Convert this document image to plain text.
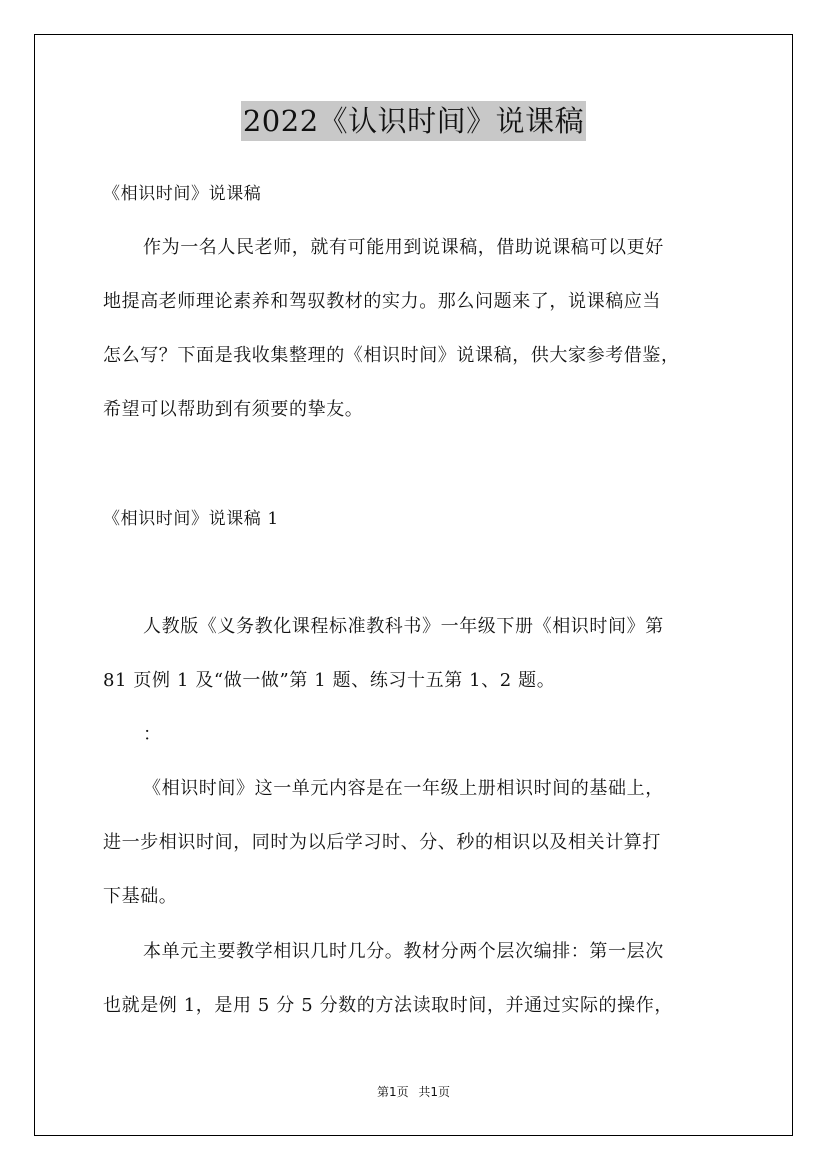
2022《认识时间》说课稿
《相识时间》说课稿
作为一名人民老师，就有可能用到说课稿，借助说课稿可以更好
地提高老师理论素养和驾驭教材的实力。那么问题来了，说课稿应当
怎么写？下面是我收集整理的《相识时间》说课稿，供大家参考借鉴，
希望可以帮助到有须要的挚友。
《相识时间》说课稿 1
人教版《义务教化课程标准教科书》一年级下册《相识时间》第
81 页例 1 及“做一做”第 1 题、练习十五第 1、2 题。
：
《相识时间》这一单元内容是在一年级上册相识时间的基础上，
进一步相识时间，同时为以后学习时、分、秒的相识以及相关计算打
下基础。
本单元主要教学相识几时几分。教材分两个层次编排：第一层次
也就是例 1，是用 5 分 5 分数的方法读取时间，并通过实际的操作，
第1页 共1页
